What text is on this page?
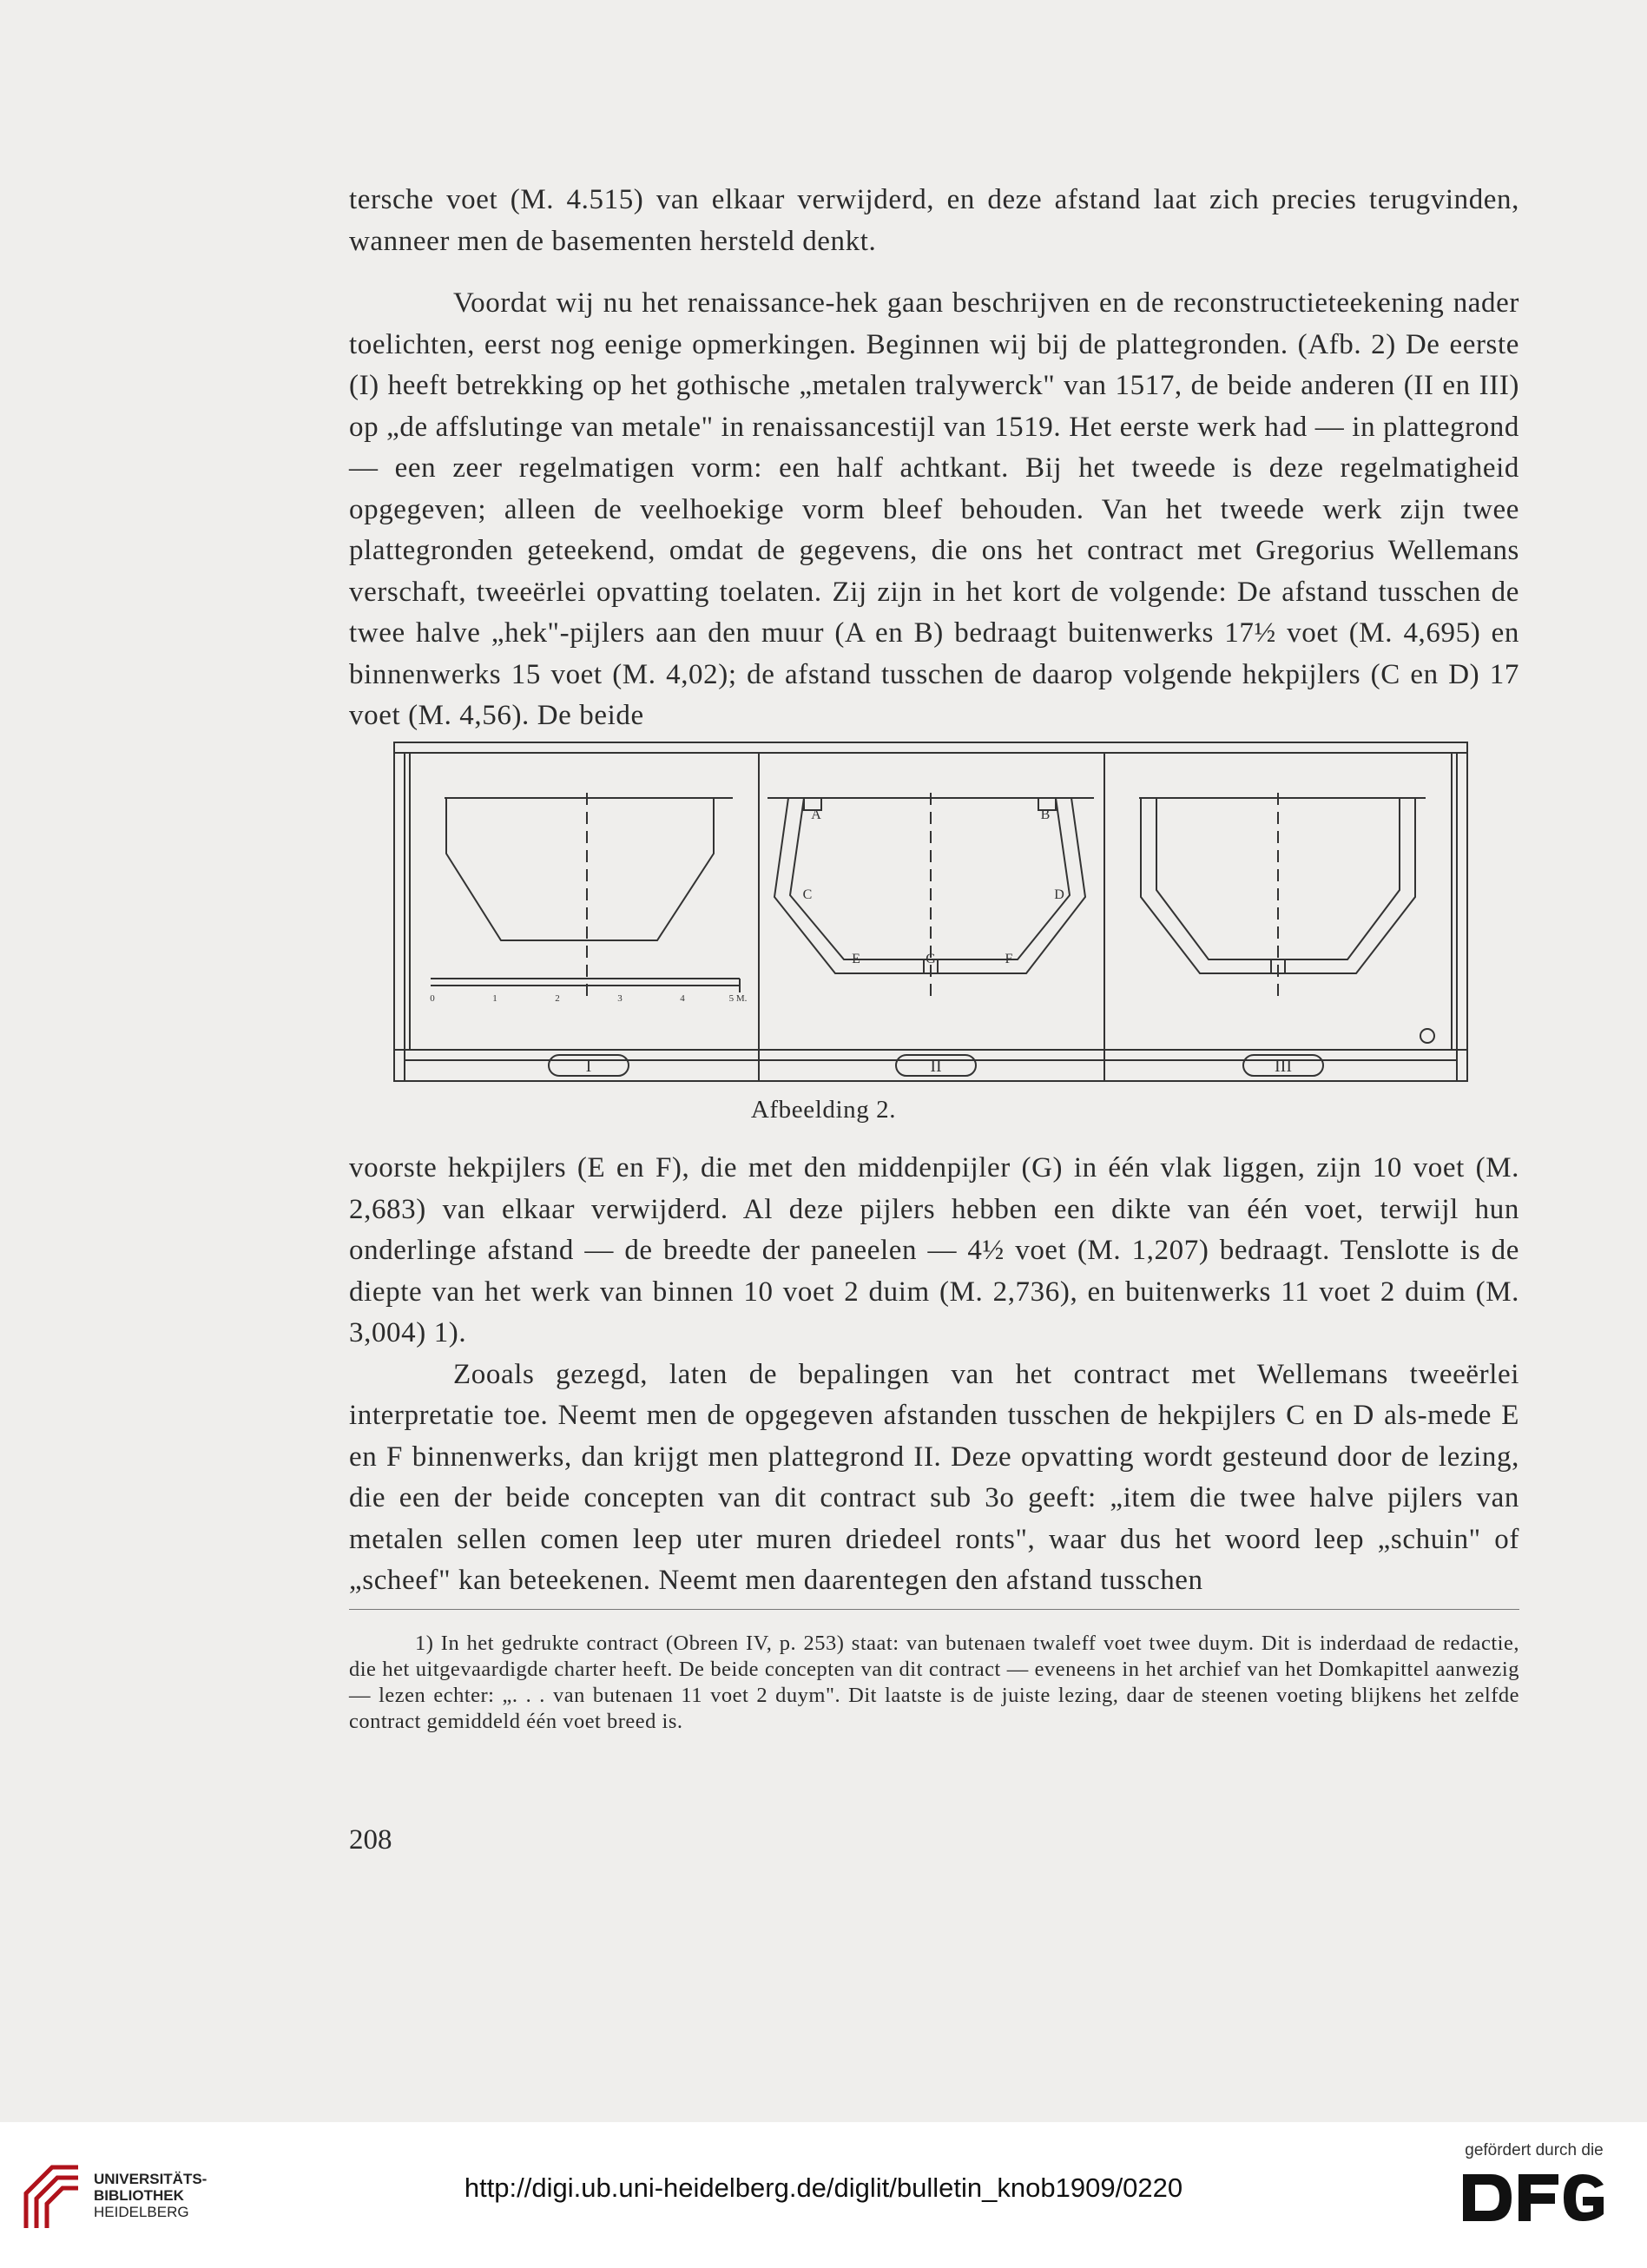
tersche voet (M. 4.515) van elkaar verwijderd, en deze afstand laat zich precies terugvinden, wanneer men de basementen hersteld denkt.

Voordat wij nu het renaissance-hek gaan beschrijven en de reconstructieteekening nader toelichten, eerst nog eenige opmerkingen. Beginnen wij bij de plattegronden. (Afb. 2) De eerste (I) heeft betrekking op het gothische „metalen tralywerck" van 1517, de beide anderen (II en III) op „de affslutinge van metale" in renaissancestijl van 1519. Het eerste werk had — in plattegrond — een zeer regelmatigen vorm: een half achtkant. Bij het tweede is deze regelmatigheid opgegeven; alleen de veelhoekige vorm bleef behouden. Van het tweede werk zijn twee plattegronden geteekend, omdat de gegevens, die ons het contract met Gregorius Wellemans verschaft, tweeërlei opvatting toelaten. Zij zijn in het kort de volgende: De afstand tusschen de twee halve „hek"-pijlers aan den muur (A en B) bedraagt buitenwerks 17½ voet (M. 4,695) en binnenwerks 15 voet (M. 4,02); de afstand tusschen de daarop volgende hekpijlers (C en D) 17 voet (M. 4,56). De beide

I	II	III
A	B
C	D
E	G	F
0	1	2	3	4	5 M.
Afbeelding 2.

voorste hekpijlers (E en F), die met den middenpijler (G) in één vlak liggen, zijn 10 voet (M. 2,683) van elkaar verwijderd. Al deze pijlers hebben een dikte van één voet, terwijl hun onderlinge afstand — de breedte der paneelen — 4½ voet (M. 1,207) bedraagt. Tenslotte is de diepte van het werk van binnen 10 voet 2 duim (M. 2,736), en buitenwerks 11 voet 2 duim (M. 3,004) 1).

Zooals gezegd, laten de bepalingen van het contract met Wellemans tweeërlei interpretatie toe. Neemt men de opgegeven afstanden tusschen de hekpijlers C en D als-mede E en F binnenwerks, dan krijgt men plattegrond II. Deze opvatting wordt gesteund door de lezing, die een der beide concepten van dit contract sub 3o geeft: „item die twee halve pijlers van metalen sellen comen leep uter muren driedeel ronts", waar dus het woord leep „schuin" of „scheef" kan beteekenen. Neemt men daarentegen den afstand tusschen

1) In het gedrukte contract (Obreen IV, p. 253) staat: van butenaen twaleff voet twee duym. Dit is inderdaad de redactie, die het uitgevaardigde charter heeft. De beide concepten van dit contract — eveneens in het archief van het Domkapittel aanwezig — lezen echter: „. . . van butenaen 11 voet 2 duym". Dit laatste is de juiste lezing, daar de steenen voeting blijkens het zelfde contract gemiddeld één voet breed is.

208
UNIVERSITÄTS-
BIBLIOTHEK
HEIDELBERG
http://digi.ub.uni-heidelberg.de/diglit/bulletin_knob1909/0220
gefördert durch die
